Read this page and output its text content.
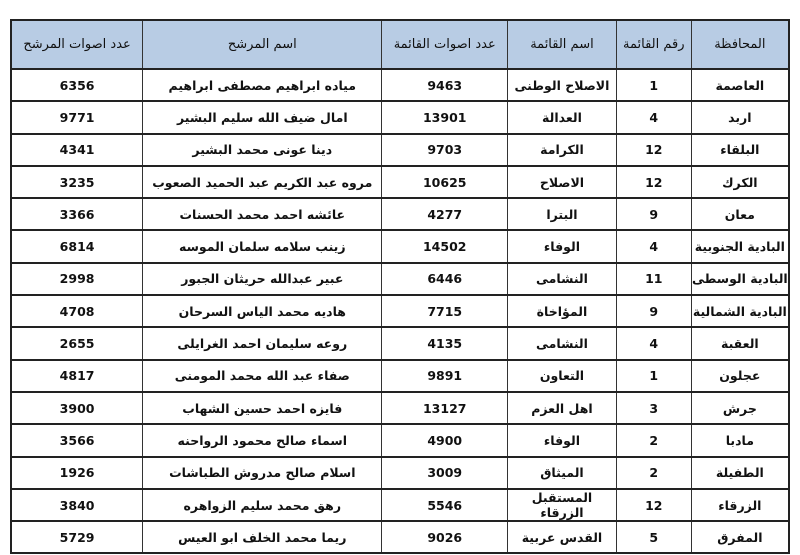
المحافظة	رقم القائمة	اسم القائمة	عدد اصوات القائمة	اسم المرشح	عدد اصوات المرشح
العاصمة	1	الاصلاح الوطنى	9463	مياده ابراهيم مصطفى ابراهيم	6356
اربد	4	العدالة	13901	امال ضيف الله سليم البشير	9771
البلقاء	12	الكرامة	9703	دينا عونى محمد البشير	4341
الكرك	12	الاصلاح	10625	مروه عبد الكريم عبد الحميد الصعوب	3235
معان	9	البترا	4277	عائشه احمد محمد الحسنات	3366
البادية الجنوبية	4	الوفاء	14502	زينب سلامه سلمان الموسه	6814
البادية الوسطى	11	النشامى	6446	عبير عبدالله حريثان الجبور	2998
البادية الشمالية	9	المؤاخاة	7715	هاديه محمد الياس السرحان	4708
العقبة	4	النشامى	4135	روعه سليمان احمد الغرايلى	2655
عجلون	1	التعاون	9891	صفاء عبد الله محمد المومنى	4817
جرش	3	اهل العزم	13127	فايزه احمد حسين الشهاب	3900
مادبا	2	الوفاء	4900	اسماء صالح محمود الرواحنه	3566
الطفيلة	2	الميثاق	3009	اسلام صالح مدروش الطباشات	1926
الزرقاء	12	المستقبل الزرقاء	5546	رهق محمد سليم الزواهره	3840
المفرق	5	القدس عربية	9026	ريما محمد الخلف ابو العيس	5729
